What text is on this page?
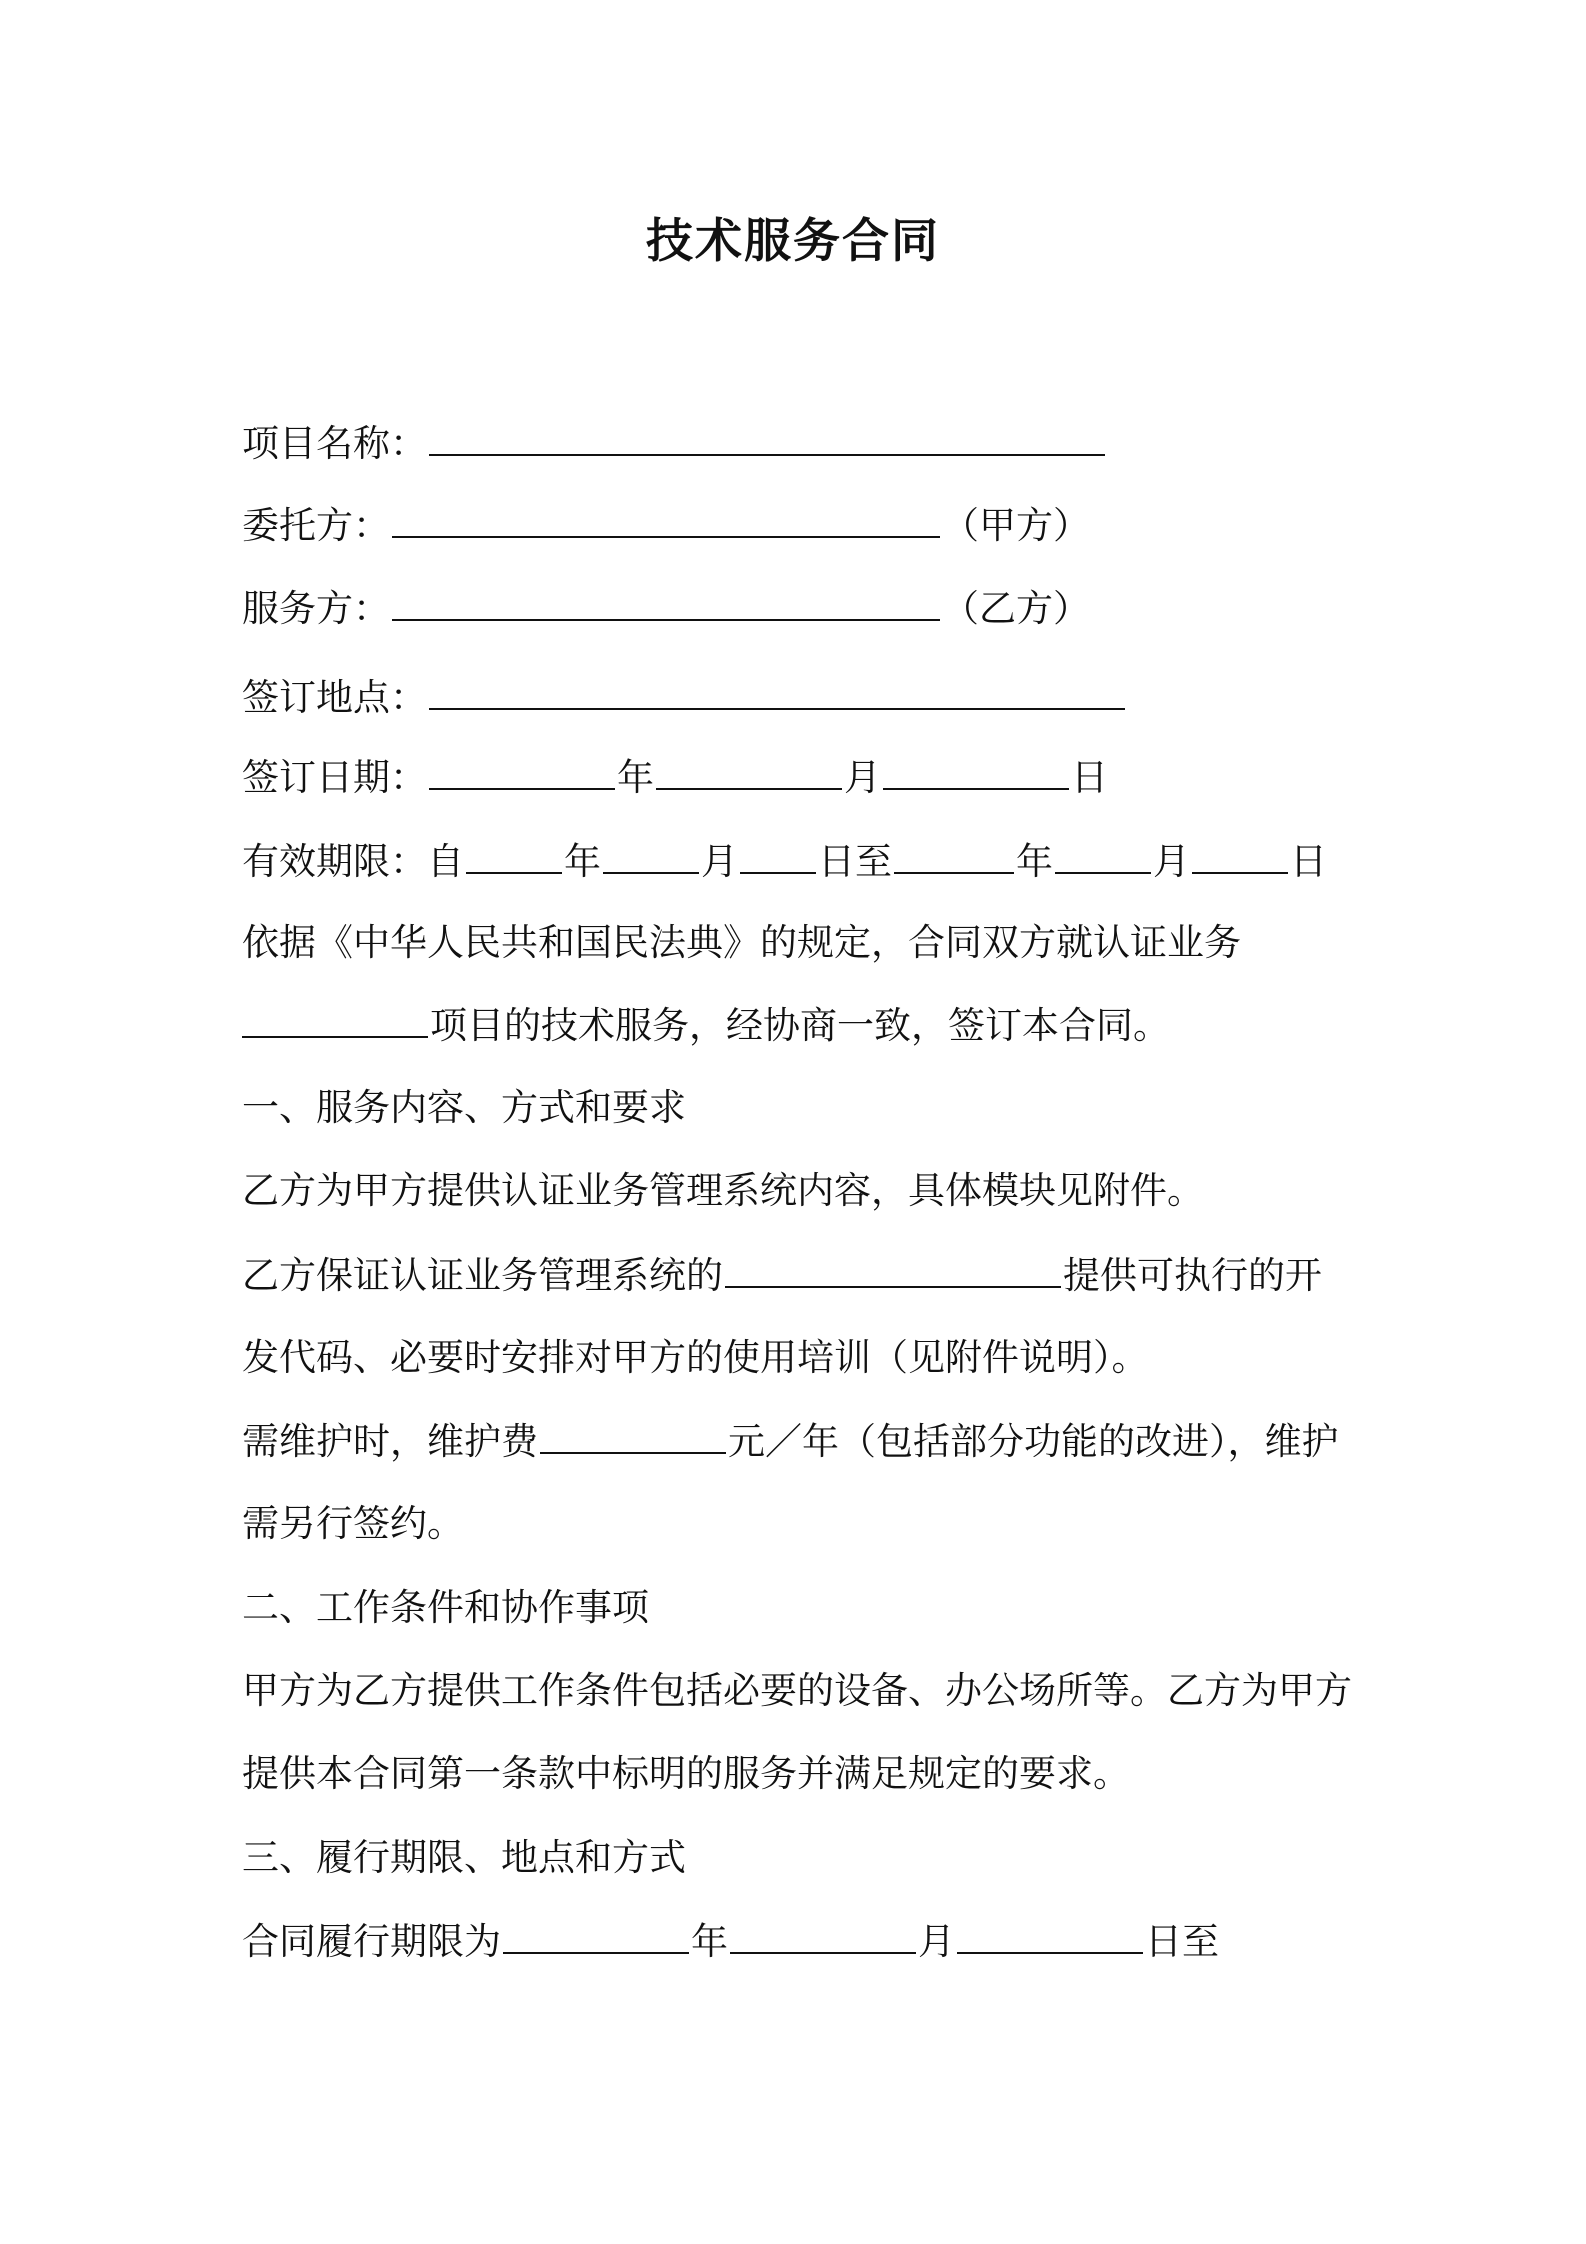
技术服务合同
项目名称：
委托方：	（甲方）
服务方：	（乙方）
签订地点：
签订日期：	年	月	日
有效期限：自	年	月 日至	年	月	日
依据《中华人民共和国民法典》的规定，合同双方就认证业务
项目的技术服务，经协商一致，签订本合同。
一、服务内容、方式和要求
乙方为甲方提供认证业务管理系统内容，具体模块见附件。
乙方保证认证业务管理系统的	提供可执行的开
发代码、必要时安排对甲方的使用培训（见附件说明）。
需维护时，维护费	元／年（包括部分功能的改进），维护
需另行签约。
二、工作条件和协作事项
甲方为乙方提供工作条件包括必要的设备、办公场所等。乙方为甲方
提供本合同第一条款中标明的服务并满足规定的要求。
三、履行期限、地点和方式
合同履行期限为	年	月	日至
